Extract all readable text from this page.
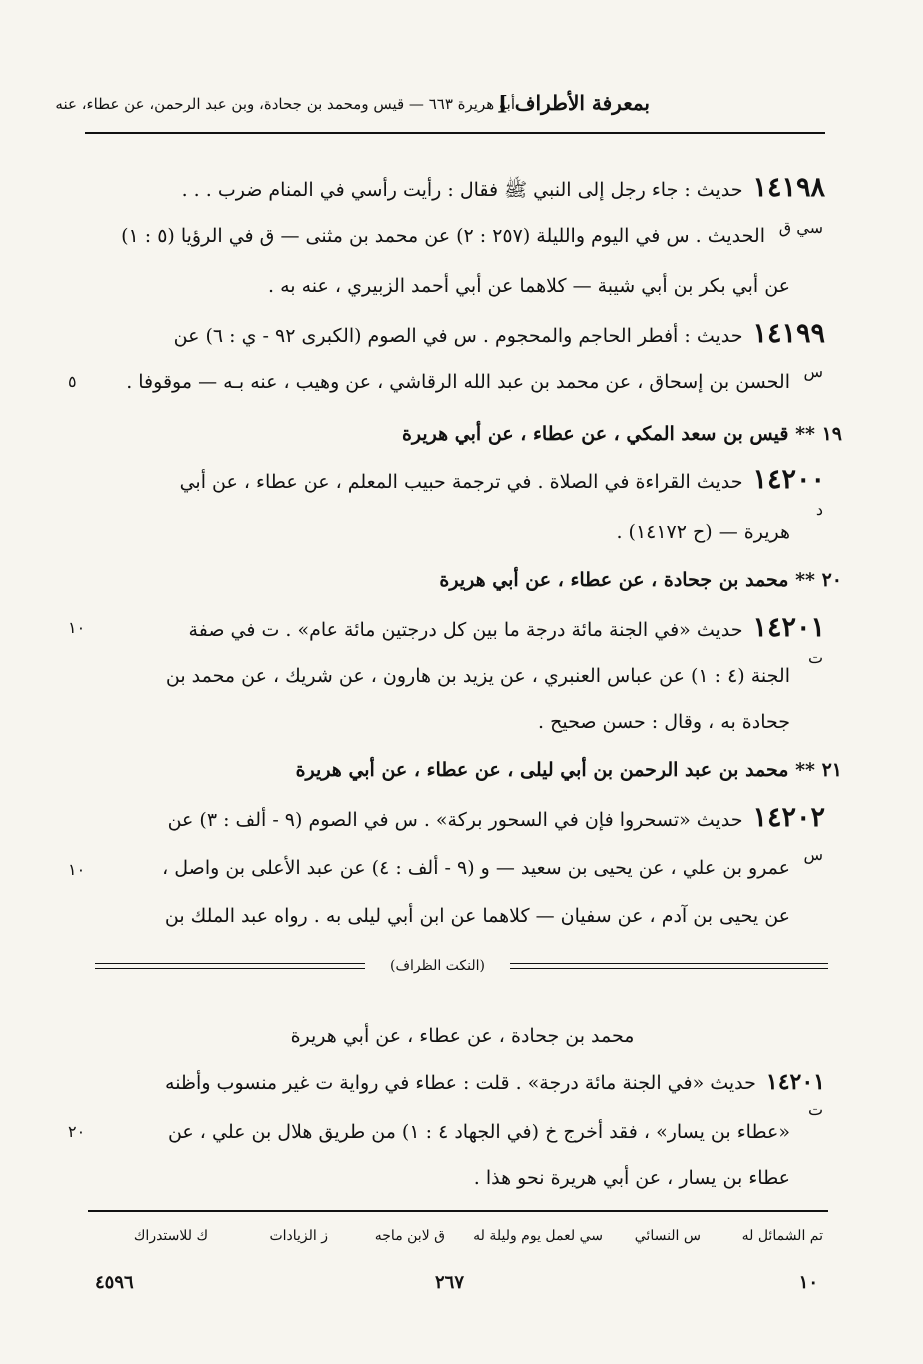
بمعرفة الأطراف ]
أبو هريرة ٦٦٣ — قيس ومحمد بن جحادة، وبن عبد الرحمن، عن عطاء، عنه
١٤١٩٨حديث : جاء رجل إلى النبي ﷺ فقال : رأيت رأسي في المنام ضرب . . .
سي ق
الحديث . س في اليوم والليلة (٢٥٧ : ٢) عن محمد بن مثنى — ق في الرؤيا (٥ : ١)
عن أبي بكر بن أبي شيبة — كلاهما عن أبي أحمد الزبيري ، عنه به .
١٤١٩٩حديث : أفطر الحاجم والمحجوم . س في الصوم (الكبرى ٩٢ - ي : ٦) عن
س
الحسن بن إسحاق ، عن محمد بن عبد الله الرقاشي ، عن وهيب ، عنه بـه — موقوفا .
٥
١٩ ** قيس بن سعد المكي ، عن عطاء ، عن أبي هريرة
١٤٢٠٠حديث القراءة في الصلاة . في ترجمة حبيب المعلم ، عن عطاء ، عن أبي
د
هريرة — (ح ١٤١٧٢) .
٢٠ ** محمد بن جحادة ، عن عطاء ، عن أبي هريرة
١٤٢٠١حديث «في الجنة مائة درجة ما بين كل درجتين مائة عام» . ت في صفة
١٠
ت
الجنة (٤ : ١) عن عباس العنبري ، عن يزيد بن هارون ، عن شريك ، عن محمد بن
جحادة به ، وقال : حسن صحيح .
٢١ ** محمد بن عبد الرحمن بن أبي ليلى ، عن عطاء ، عن أبي هريرة
١٤٢٠٢حديث «تسحروا فإن في السحور بركة» . س في الصوم (٩ - ألف : ٣) عن
س
عمرو بن علي ، عن يحيى بن سعيد — و (٩ - ألف : ٤) عن عبد الأعلى بن واصل ،
١٠
عن يحيى بن آدم ، عن سفيان — كلاهما عن ابن أبي ليلى به . رواه عبد الملك بن
(النكت الظراف)
محمد بن جحادة ، عن عطاء ، عن أبي هريرة
١٤٢٠١حديث «في الجنة مائة درجة» . قلت : عطاء في رواية ت غير منسوب وأظنه
ت
«عطاء بن يسار» ، فقد أخرج خ (في الجهاد ٤ : ١) من طريق هلال بن علي ، عن
٢٠
عطاء بن يسار ، عن أبي هريرة نحو هذا .
تم الشمائل له
س النسائي
سي لعمل يوم وليلة له
ق لابن ماجه
ز الزيادات
ك للاستدراك
١٠
٢٦٧
٤٥٩٦
